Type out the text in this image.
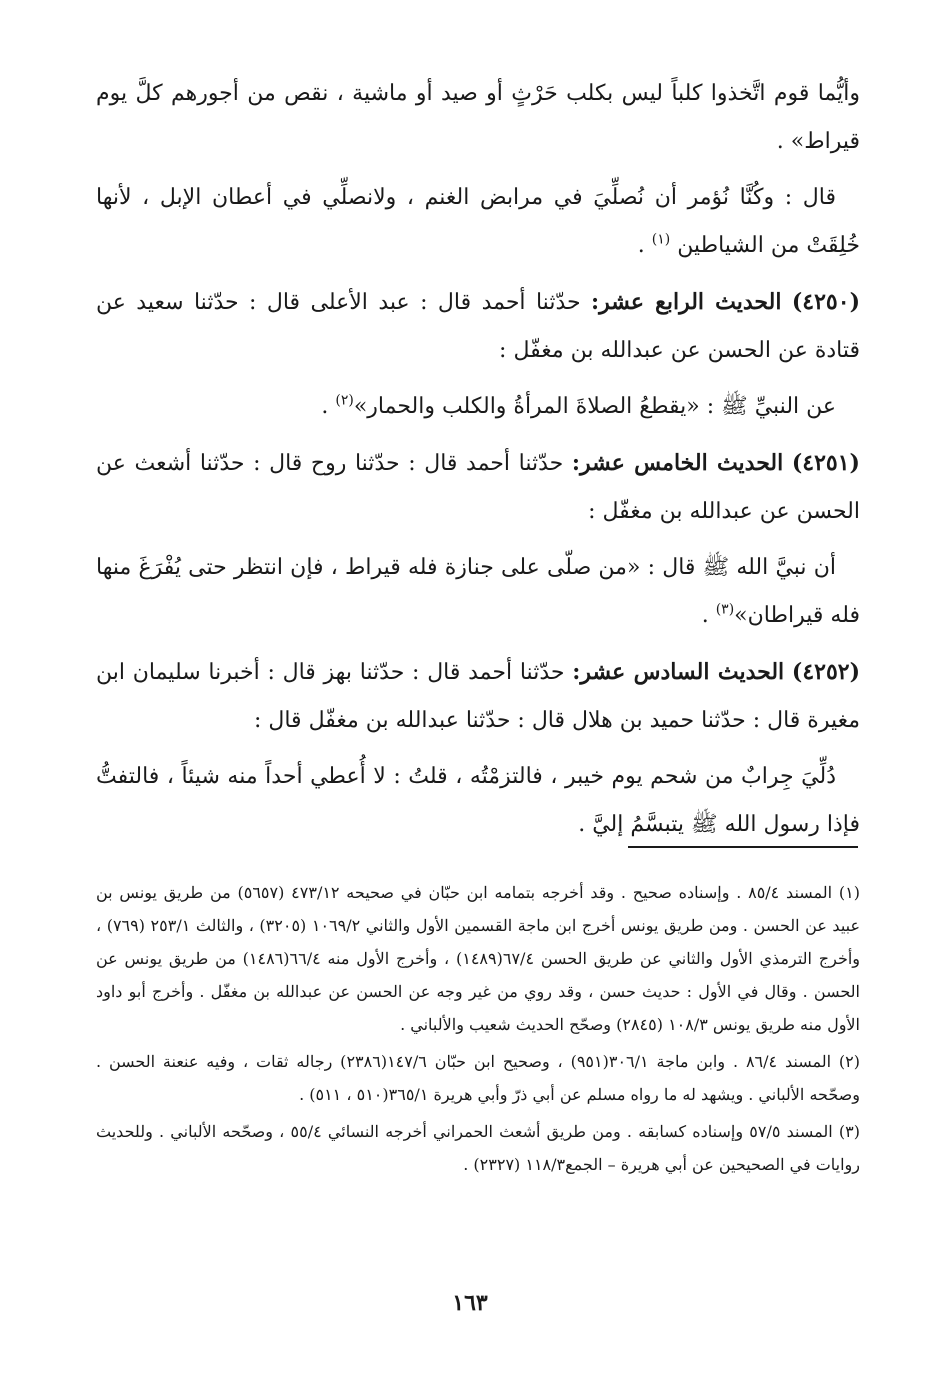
وأيُّما قوم اتَّخذوا كلباً ليس بكلب حَرْثٍ أو صيد أو ماشية ، نقص من أجورهم كلَّ يوم قيراط» .

قال : وكُنَّا نُؤمر أن نُصلِّيَ في مرابض الغنم ، ولانصلِّي في أعطان الإبل ، لأنها خُلِقَتْ من الشياطين $^{(١)}$ .

(٤٢٥٠) الحديث الرابع عشر: حدّثنا أحمد قال : عبد الأعلى قال : حدّثنا سعيد عن قتادة عن الحسن عن عبدالله بن مغفّل :

عن النبيِّ ﷺ : «يقطعُ الصلاةَ المرأةُ والكلب والحمار»$^{(٢)}$ .

(٤٢٥١) الحديث الخامس عشر: حدّثنا أحمد قال : حدّثنا روح قال : حدّثنا أشعث عن الحسن عن عبدالله بن مغفّل :

أن نبيَّ الله ﷺ قال : «من صلّى على جنازة فله قيراط ، فإن انتظر حتى يُفْرَغَ منها فله قيراطان»$^{(٣)}$ .

(٤٢٥٢) الحديث السادس عشر: حدّثنا أحمد قال : حدّثنا بهز قال : أخبرنا سليمان ابن مغيرة قال : حدّثنا حميد بن هلال قال : حدّثنا عبدالله بن مغفّل قال :

دُلِّيَ جِرابٌ من شحم يوم خيبر ، فالتزمْتُه ، قلتُ : لا أُعطي أحداً منه شيئاً ، فالتفتُّ فإذا رسول الله ﷺ يتبسَّمُ إليَّ .

(١) المسند ٨٥/٤ . وإسناده صحيح . وقد أخرجه بتمامه ابن حبّان في صحيحه ٤٧٣/١٢ (٥٦٥٧) من طريق يونس بن عبيد عن الحسن . ومن طريق يونس أخرج ابن ماجة القسمين الأول والثاني ١٠٦٩/٢ (٣٢٠٥) ، والثالث ٢٥٣/١ (٧٦٩) ، وأخرج الترمذي الأول والثاني عن طريق الحسن ٦٧/٤(١٤٨٩) ، وأخرج الأول منه ٦٦/٤(١٤٨٦) من طريق يونس عن الحسن . وقال في الأول : حديث حسن ، وقد روي من غير وجه عن الحسن عن عبدالله بن مغفّل . وأخرج أبو داود الأول منه طريق يونس ١٠٨/٣ (٢٨٤٥) وصحّح الحديث شعيب والألباني .

(٢) المسند ٨٦/٤ . وابن ماجة ٣٠٦/١(٩٥١) ، وصحيح ابن حبّان ١٤٧/٦(٢٣٨٦) رجاله ثقات ، وفيه عنعنة الحسن . وصحّحه الألباني . ويشهد له ما رواه مسلم عن أبي ذرّ وأبي هريرة ٣٦٥/١(٥١٠ ، ٥١١) .

(٣) المسند ٥٧/٥ وإسناده كسابقه . ومن طريق أشعث الحمراني أخرجه النسائي ٥٥/٤ ، وصحّحه الألباني . وللحديث روايات في الصحيحين عن أبي هريرة – الجمع١١٨/٣ (٢٣٢٧) .

١٦٣
